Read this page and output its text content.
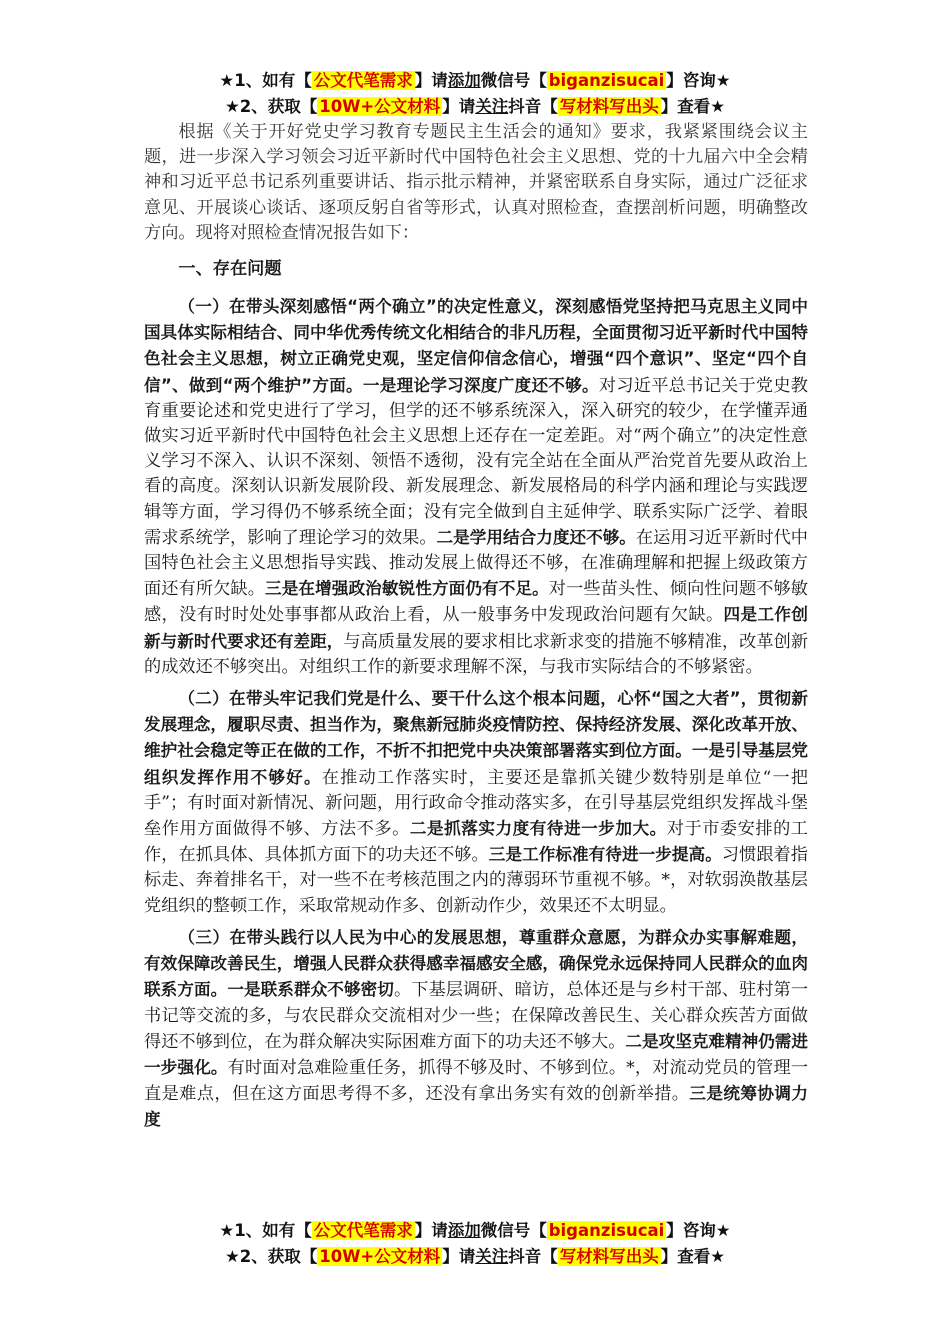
★1、如有【 公文代笔需求 】请添加微信号【 biganzisucai 】咨询★
★2、获取【 10W+公文材料 】请关注抖音【 写材料写出头 】查看★

根据《关于开好党史学习教育专题民主生活会的通知》要求，我紧紧围绕会议主题，进一步深入学习领会习近平新时代中国特色社会主义思想、党的十九届六中全会精神和习近平总书记系列重要讲话、指示批示精神，并紧密联系自身实际，通过广泛征求意见、开展谈心谈话、逐项反躬自省等形式，认真对照检查，查摆剖析问题，明确整改方向。现将对照检查情况报告如下：

一、存在问题

（一）在带头深刻感悟“两个确立”的决定性意义，深刻感悟党坚持把马克思主义同中国具体实际相结合、同中华优秀传统文化相结合的非凡历程，全面贯彻习近平新时代中国特色社会主义思想，树立正确党史观，坚定信仰信念信心，增强“四个意识”、坚定“四个自信”、做到“两个维护”方面。一是理论学习深度广度还不够。对习近平总书记关于党史教育重要论述和党史进行了学习，但学的还不够系统深入，深入研究的较少，在学懂弄通做实习近平新时代中国特色社会主义思想上还存在一定差距。对“两个确立”的决定性意义学习不深入、认识不深刻、领悟不透彻，没有完全站在全面从严治党首先要从政治上看的高度。深刻认识新发展阶段、新发展理念、新发展格局的科学内涵和理论与实践逻辑等方面，学习得仍不够系统全面；没有完全做到自主延伸学、联系实际广泛学、着眼需求系统学，影响了理论学习的效果。二是学用结合力度还不够。在运用习近平新时代中国特色社会主义思想指导实践、推动发展上做得还不够，在准确理解和把握上级政策方面还有所欠缺。三是在增强政治敏锐性方面仍有不足。对一些苗头性、倾向性问题不够敏感，没有时时处处事事都从政治上看，从一般事务中发现政治问题有欠缺。四是工作创新与新时代要求还有差距，与高质量发展的要求相比求新求变的措施不够精准，改革创新的成效还不够突出。对组织工作的新要求理解不深，与我市实际结合的不够紧密。

（二）在带头牢记我们党是什么、要干什么这个根本问题，心怀“国之大者”，贯彻新发展理念，履职尽责、担当作为，聚焦新冠肺炎疫情防控、保持经济发展、深化改革开放、维护社会稳定等正在做的工作，不折不扣把党中央决策部署落实到位方面。一是引导基层党组织发挥作用不够好。在推动工作落实时，主要还是靠抓关键少数特别是单位“一把手”；有时面对新情况、新问题，用行政命令推动落实多，在引导基层党组织发挥战斗堡垒作用方面做得不够、方法不多。二是抓落实力度有待进一步加大。对于市委安排的工作，在抓具体、具体抓方面下的功夫还不够。三是工作标准有待进一步提高。习惯跟着指标走、奔着排名干，对一些不在考核范围之内的薄弱环节重视不够。*，对软弱涣散基层党组织的整顿工作，采取常规动作多、创新动作少，效果还不太明显。

（三）在带头践行以人民为中心的发展思想，尊重群众意愿，为群众办实事解难题，有效保障改善民生，增强人民群众获得感幸福感安全感，确保党永远保持同人民群众的血肉联系方面。一是联系群众不够密切。下基层调研、暗访，总体还是与乡村干部、驻村第一书记等交流的多，与农民群众交流相对少一些；在保障改善民生、关心群众疾苦方面做得还不够到位，在为群众解决实际困难方面下的功夫还不够大。二是攻坚克难精神仍需进一步强化。有时面对急难险重任务，抓得不够及时、不够到位。*，对流动党员的管理一直是难点，但在这方面思考得不多，还没有拿出务实有效的创新举措。三是统筹协调力度

★1、如有【 公文代笔需求 】请添加微信号【 biganzisucai 】咨询★
★2、获取【 10W+公文材料 】请关注抖音【 写材料写出头 】查看★
